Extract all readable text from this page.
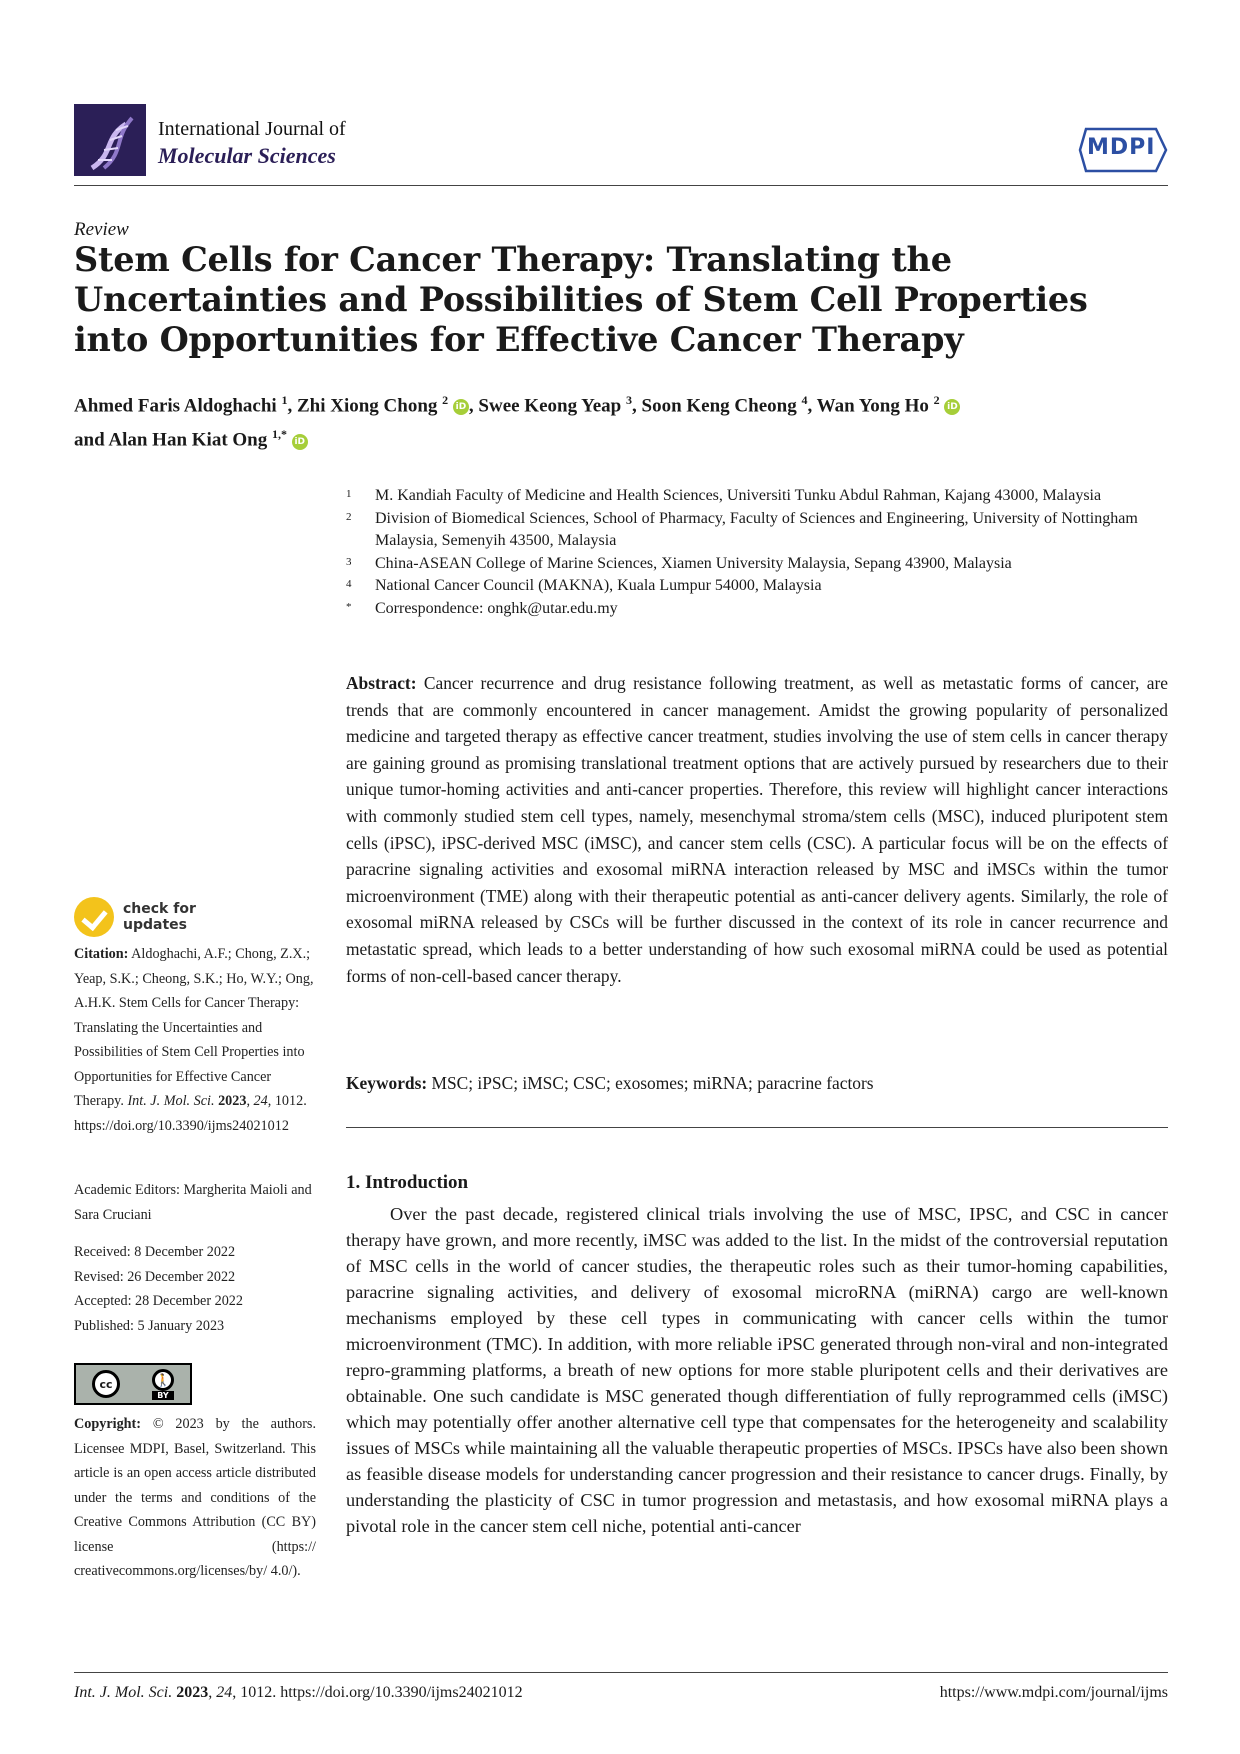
International Journal of
Molecular Sciences	MDPI
Review
Stem Cells for Cancer Therapy: Translating the Uncertainties and Possibilities of Stem Cell Properties into Opportunities for Effective Cancer Therapy
Ahmed Faris Aldoghachi $^1$, Zhi Xiong Chong $^2$ iD , Swee Keong Yeap $^3$, Soon Keng Cheong $^4$, Wan Yong Ho $^2$ iD
and Alan Han Kiat Ong $^{1,*}$ iD
1	M. Kandiah Faculty of Medicine and Health Sciences, Universiti Tunku Abdul Rahman, Kajang 43000, Malaysia
2	Division of Biomedical Sciences, School of Pharmacy, Faculty of Sciences and Engineering, University of Nottingham Malaysia, Semenyih 43500, Malaysia
3	China-ASEAN College of Marine Sciences, Xiamen University Malaysia, Sepang 43900, Malaysia
4	National Cancer Council (MAKNA), Kuala Lumpur 54000, Malaysia
*	Correspondence: onghk@utar.edu.my
Abstract: Cancer recurrence and drug resistance following treatment, as well as metastatic forms of cancer, are trends that are commonly encountered in cancer management. Amidst the growing popularity of personalized medicine and targeted therapy as effective cancer treatment, studies involving the use of stem cells in cancer therapy are gaining ground as promising translational treatment options that are actively pursued by researchers due to their unique tumor-homing activities and anti-cancer properties. Therefore, this review will highlight cancer interactions with commonly studied stem cell types, namely, mesenchymal stroma/stem cells (MSC), induced pluripotent stem cells (iPSC), iPSC-derived MSC (iMSC), and cancer stem cells (CSC). A particular focus will be on the effects of paracrine signaling activities and exosomal miRNA interaction released by MSC and iMSCs within the tumor microenvironment (TME) along with their therapeutic potential as anti-cancer delivery agents. Similarly, the role of exosomal miRNA released by CSCs will be further discussed in the context of its role in cancer recurrence and metastatic spread, which leads to a better understanding of how such exosomal miRNA could be used as potential forms of non-cell-based cancer therapy.
Keywords: MSC; iPSC; iMSC; CSC; exosomes; miRNA; paracrine factors
1. Introduction

Over the past decade, registered clinical trials involving the use of MSC, IPSC, and CSC in cancer therapy have grown, and more recently, iMSC was added to the list. In the midst of the controversial reputation of MSC cells in the world of cancer studies, the therapeutic roles such as their tumor-homing capabilities, paracrine signaling activities, and delivery of exosomal microRNA (miRNA) cargo are well-known mechanisms employed by these cell types in communicating with cancer cells within the tumor microenvironment (TMC). In addition, with more reliable iPSC generated through non-viral and non-integrated repro-gramming platforms, a breath of new options for more stable pluripotent cells and their derivatives are obtainable. One such candidate is MSC generated though differentiation of fully reprogrammed cells (iMSC) which may potentially offer another alternative cell type that compensates for the heterogeneity and scalability issues of MSCs while maintaining all the valuable therapeutic properties of MSCs. IPSCs have also been shown as feasible disease models for understanding cancer progression and their resistance to cancer drugs. Finally, by understanding the plasticity of CSC in tumor progression and metastasis, and how exosomal miRNA plays a pivotal role in the cancer stem cell niche, potential anti-cancer

check for
updates
Citation: Aldoghachi, A.F.; Chong, Z.X.; Yeap, S.K.; Cheong, S.K.; Ho, W.Y.; Ong, A.H.K. Stem Cells for Cancer Therapy: Translating the Uncertainties and Possibilities of Stem Cell Properties into Opportunities for Effective Cancer Therapy. Int. J. Mol. Sci. 2023, 24, 1012. https://doi.org/10.3390/ijms24021012
Academic Editors: Margherita Maioli and Sara Cruciani
Received: 8 December 2022
Revised: 26 December 2022
Accepted: 28 December 2022
Published: 5 January 2023
cc	🚶
BY
Copyright: © 2023 by the authors. Licensee MDPI, Basel, Switzerland. This article is an open access article distributed under the terms and conditions of the Creative Commons Attribution (CC BY) license (https:// creativecommons.org/licenses/by/ 4.0/).
Int. J. Mol. Sci. 2023, 24, 1012. https://doi.org/10.3390/ijms24021012	https://www.mdpi.com/journal/ijms
